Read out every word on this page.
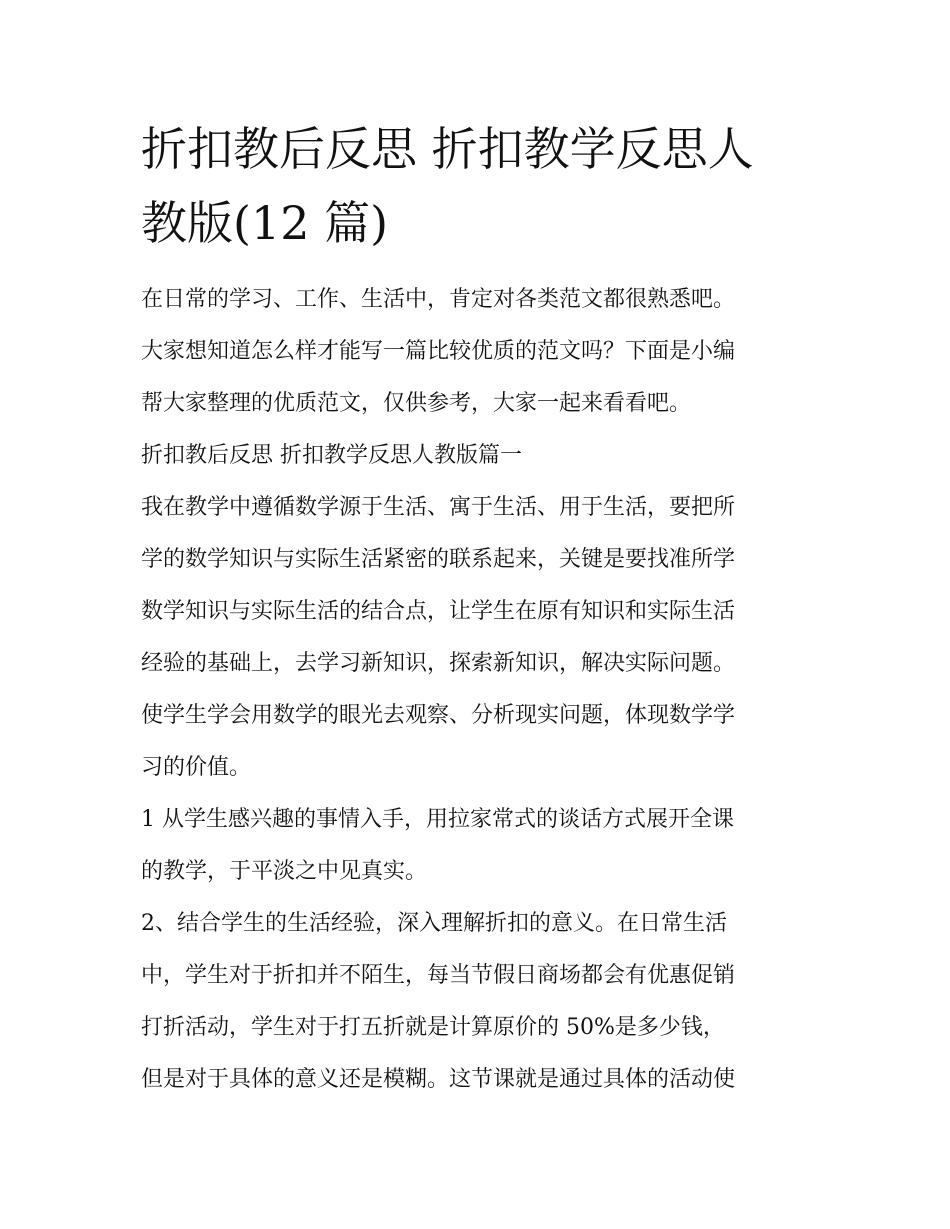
折扣教后反思 折扣教学反思人
教版(12 篇)
在日常的学习、工作、生活中，肯定对各类范文都很熟悉吧。
大家想知道怎么样才能写一篇比较优质的范文吗？下面是小编
帮大家整理的优质范文，仅供参考，大家一起来看看吧。
折扣教后反思 折扣教学反思人教版篇一
我在教学中遵循数学源于生活、寓于生活、用于生活，要把所
学的数学知识与实际生活紧密的联系起来，关键是要找准所学
数学知识与实际生活的结合点，让学生在原有知识和实际生活
经验的基础上，去学习新知识，探索新知识，解决实际问题。
使学生学会用数学的眼光去观察、分析现实问题，体现数学学
习的价值。
1 从学生感兴趣的事情入手，用拉家常式的谈话方式展开全课
的教学，于平淡之中见真实。
2、结合学生的生活经验，深入理解折扣的意义。在日常生活
中，学生对于折扣并不陌生，每当节假日商场都会有优惠促销
打折活动，学生对于打五折就是计算原价的 50%是多少钱，
但是对于具体的意义还是模糊。这节课就是通过具体的活动使
